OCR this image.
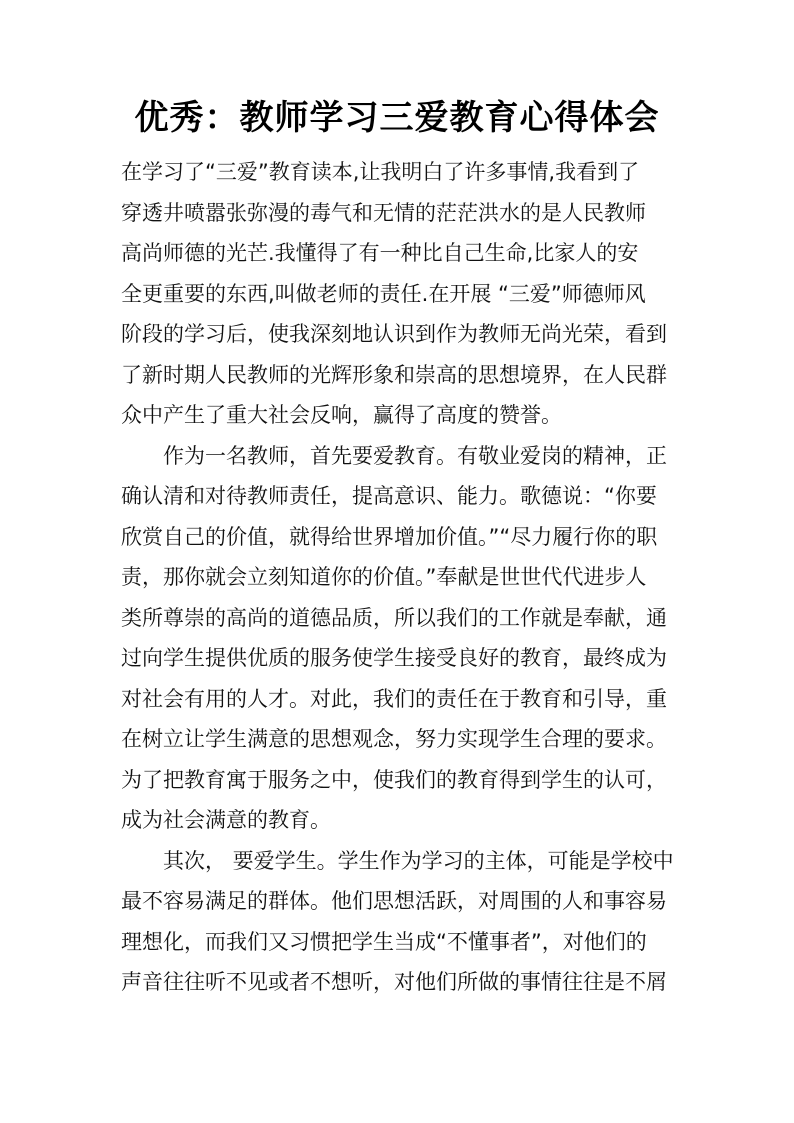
优秀：教师学习三爱教育心得体会
在学习了“三爱”教育读本,让我明白了许多事情,我看到了
穿透井喷嚣张弥漫的毒气和无情的茫茫洪水的是人民教师
高尚师德的光芒.我懂得了有一种比自己生命,比家人的安
全更重要的东西,叫做老师的责任.在开展 “三爱”师德师风
阶段的学习后，使我深刻地认识到作为教师无尚光荣，看到
了新时期人民教师的光辉形象和崇高的思想境界，在人民群
众中产生了重大社会反响，赢得了高度的赞誉。
作为一名教师，首先要爱教育。有敬业爱岗的精神，正
确认清和对待教师责任，提高意识、能力。歌德说：“你要
欣赏自己的价值，就得给世界增加价值。”“尽力履行你的职
责，那你就会立刻知道你的价值。”奉献是世世代代进步人
类所尊崇的高尚的道德品质，所以我们的工作就是奉献，通
过向学生提供优质的服务使学生接受良好的教育，最终成为
对社会有用的人才。对此，我们的责任在于教育和引导，重
在树立让学生满意的思想观念，努力实现学生合理的要求。
为了把教育寓于服务之中，使我们的教育得到学生的认可，
成为社会满意的教育。
其次， 要爱学生。学生作为学习的主体，可能是学校中
最不容易满足的群体。他们思想活跃，对周围的人和事容易
理想化，而我们又习惯把学生当成“不懂事者”，对他们的
声音往往听不见或者不想听，对他们所做的事情往往是不屑
